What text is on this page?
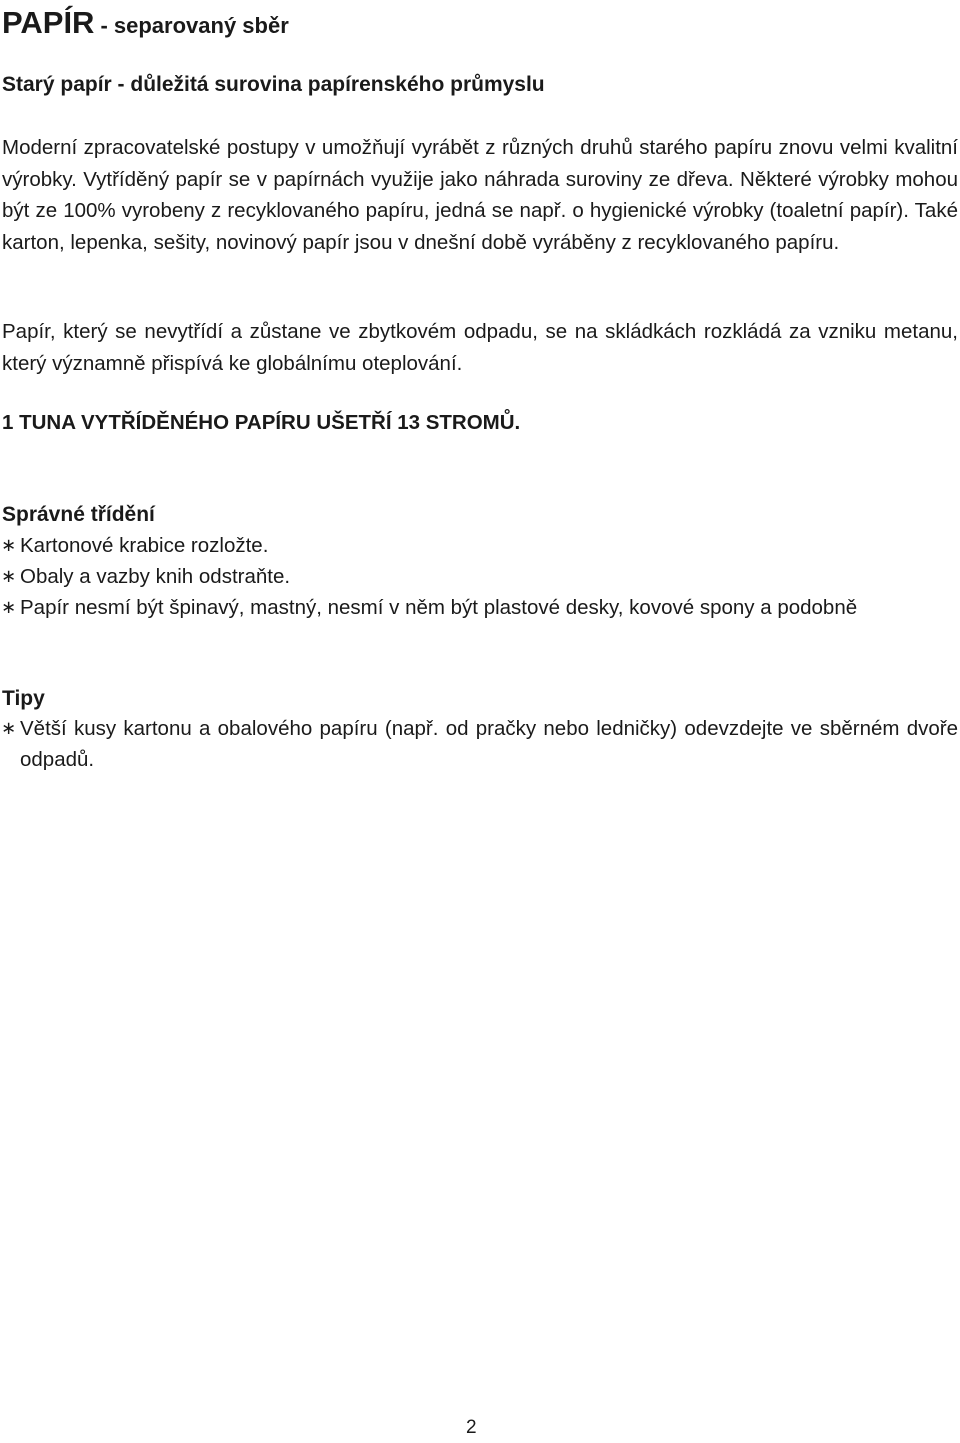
PAPÍR - separovaný sběr
Starý papír - důležitá surovina papírenského průmyslu

Moderní zpracovatelské postupy v umožňují vyrábět z různých druhů starého papíru znovu velmi kvalitní výrobky. Vytříděný papír se v papírnách využije jako náhrada suroviny ze dřeva. Některé výrobky mohou být ze 100% vyrobeny z recyklovaného papíru, jedná se např. o hygienické výrobky (toaletní papír). Také karton, lepenka, sešity, novinový papír jsou v dnešní době vyráběny z recyklovaného papíru.

Papír, který se nevytřídí a zůstane ve zbytkovém odpadu, se na skládkách rozkládá za vzniku metanu, který významně přispívá ke globálnímu oteplování.

1 TUNA VYTŘÍDĚNÉHO PAPÍRU UŠETŘÍ 13 STROMŮ.

Správné třídění
∗ Kartonové krabice rozložte.
∗ Obaly a vazby knih odstraňte.
∗ Papír nesmí být špinavý, mastný, nesmí v něm být plastové desky, kovové spony a podobně
Tipy
∗ Větší kusy kartonu a obalového papíru (např. od pračky nebo ledničky) odevzdejte ve sběrném dvoře odpadů.

2
